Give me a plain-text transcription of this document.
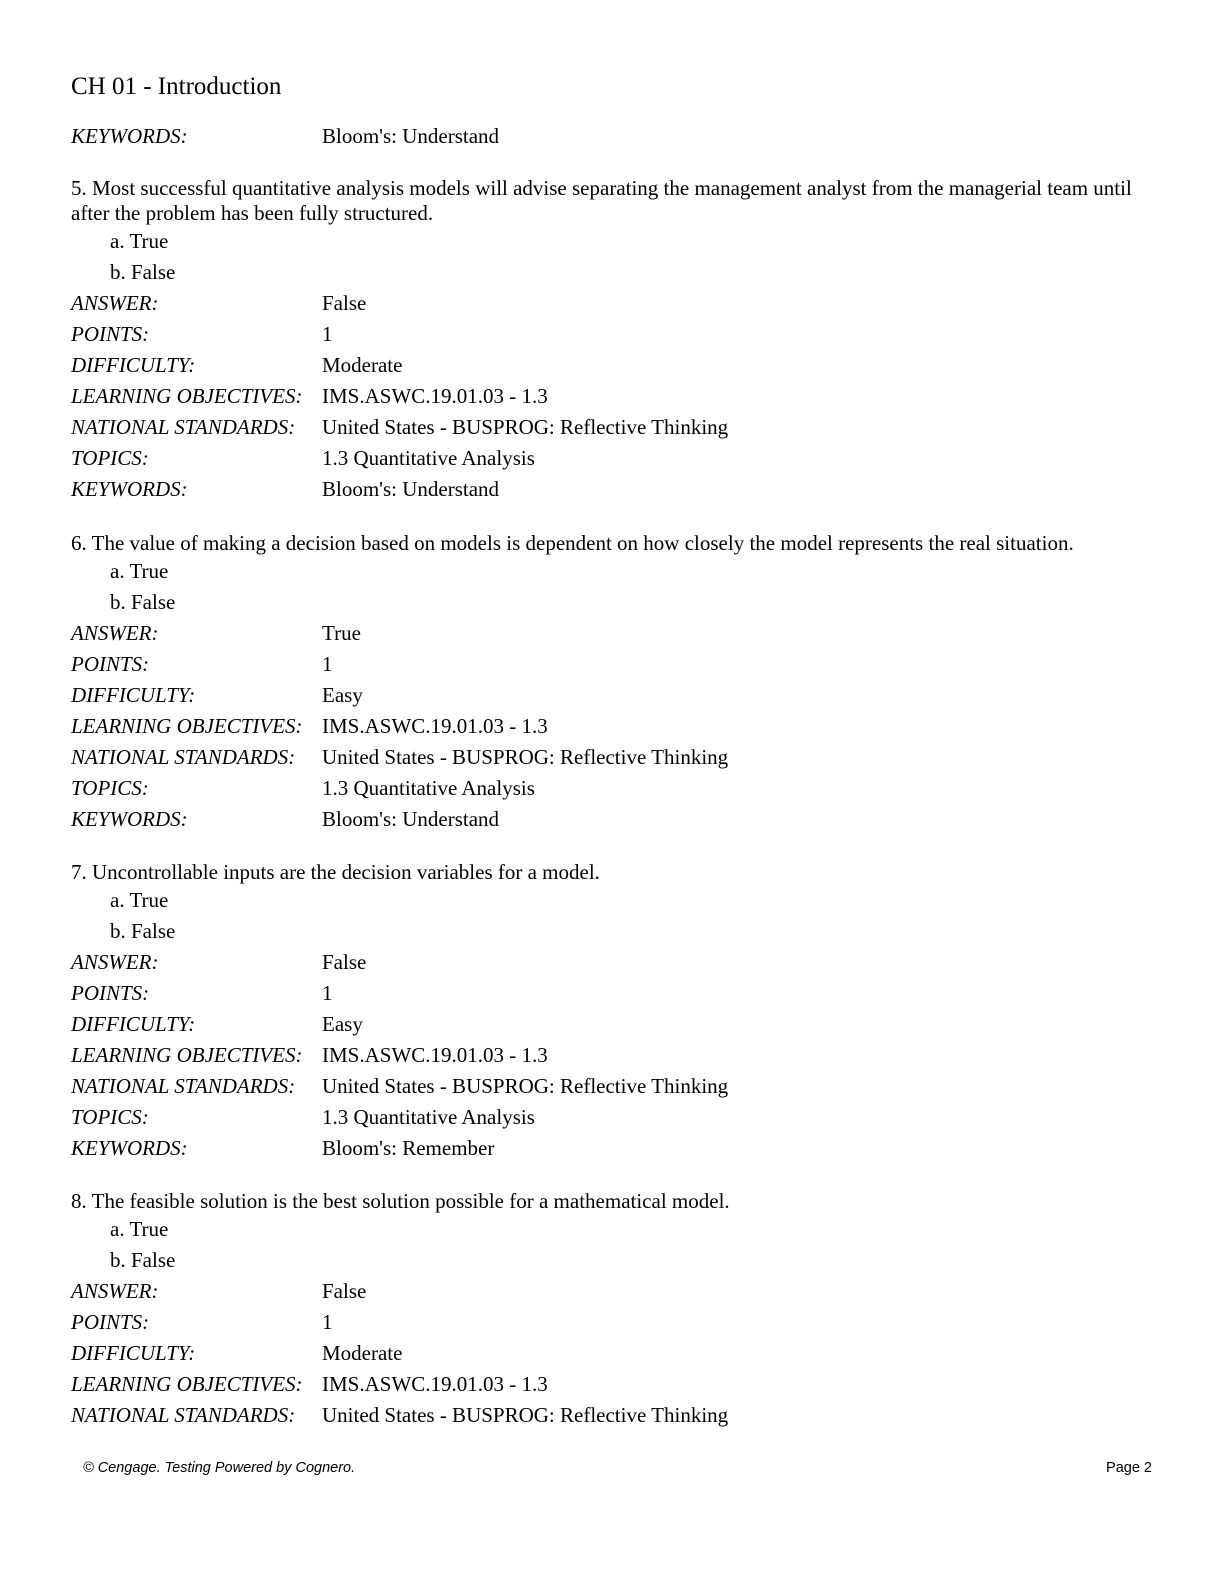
CH 01 - Introduction
KEYWORDS:	Bloom's: Understand

5. Most successful quantitative analysis models will advise separating the management analyst from the managerial team until after the problem has been fully structured.

a. True
b. False
ANSWER:	False
POINTS:	1
DIFFICULTY:	Moderate
LEARNING OBJECTIVES: IMS.ASWC.19.01.03 - 1.3
NATIONAL STANDARDS:	United States - BUSPROG: Reflective Thinking
TOPICS:	1.3 Quantitative Analysis
KEYWORDS:	Bloom's: Understand

6. The value of making a decision based on models is dependent on how closely the model represents the real situation.

a. True
b. False
ANSWER:	True
POINTS:	1
DIFFICULTY:	Easy
LEARNING OBJECTIVES: IMS.ASWC.19.01.03 - 1.3
NATIONAL STANDARDS:	United States - BUSPROG: Reflective Thinking
TOPICS:	1.3 Quantitative Analysis
KEYWORDS:	Bloom's: Understand

7. Uncontrollable inputs are the decision variables for a model.

a. True
b. False
ANSWER:	False
POINTS:	1
DIFFICULTY:	Easy
LEARNING OBJECTIVES: IMS.ASWC.19.01.03 - 1.3
NATIONAL STANDARDS:	United States - BUSPROG: Reflective Thinking
TOPICS:	1.3 Quantitative Analysis
KEYWORDS:	Bloom's: Remember

8. The feasible solution is the best solution possible for a mathematical model.

a. True
b. False
ANSWER:	False
POINTS:	1
DIFFICULTY:	Moderate
LEARNING OBJECTIVES: IMS.ASWC.19.01.03 - 1.3
NATIONAL STANDARDS:	United States - BUSPROG: Reflective Thinking
© Cengage. Testing Powered by Cognero.	Page 2
